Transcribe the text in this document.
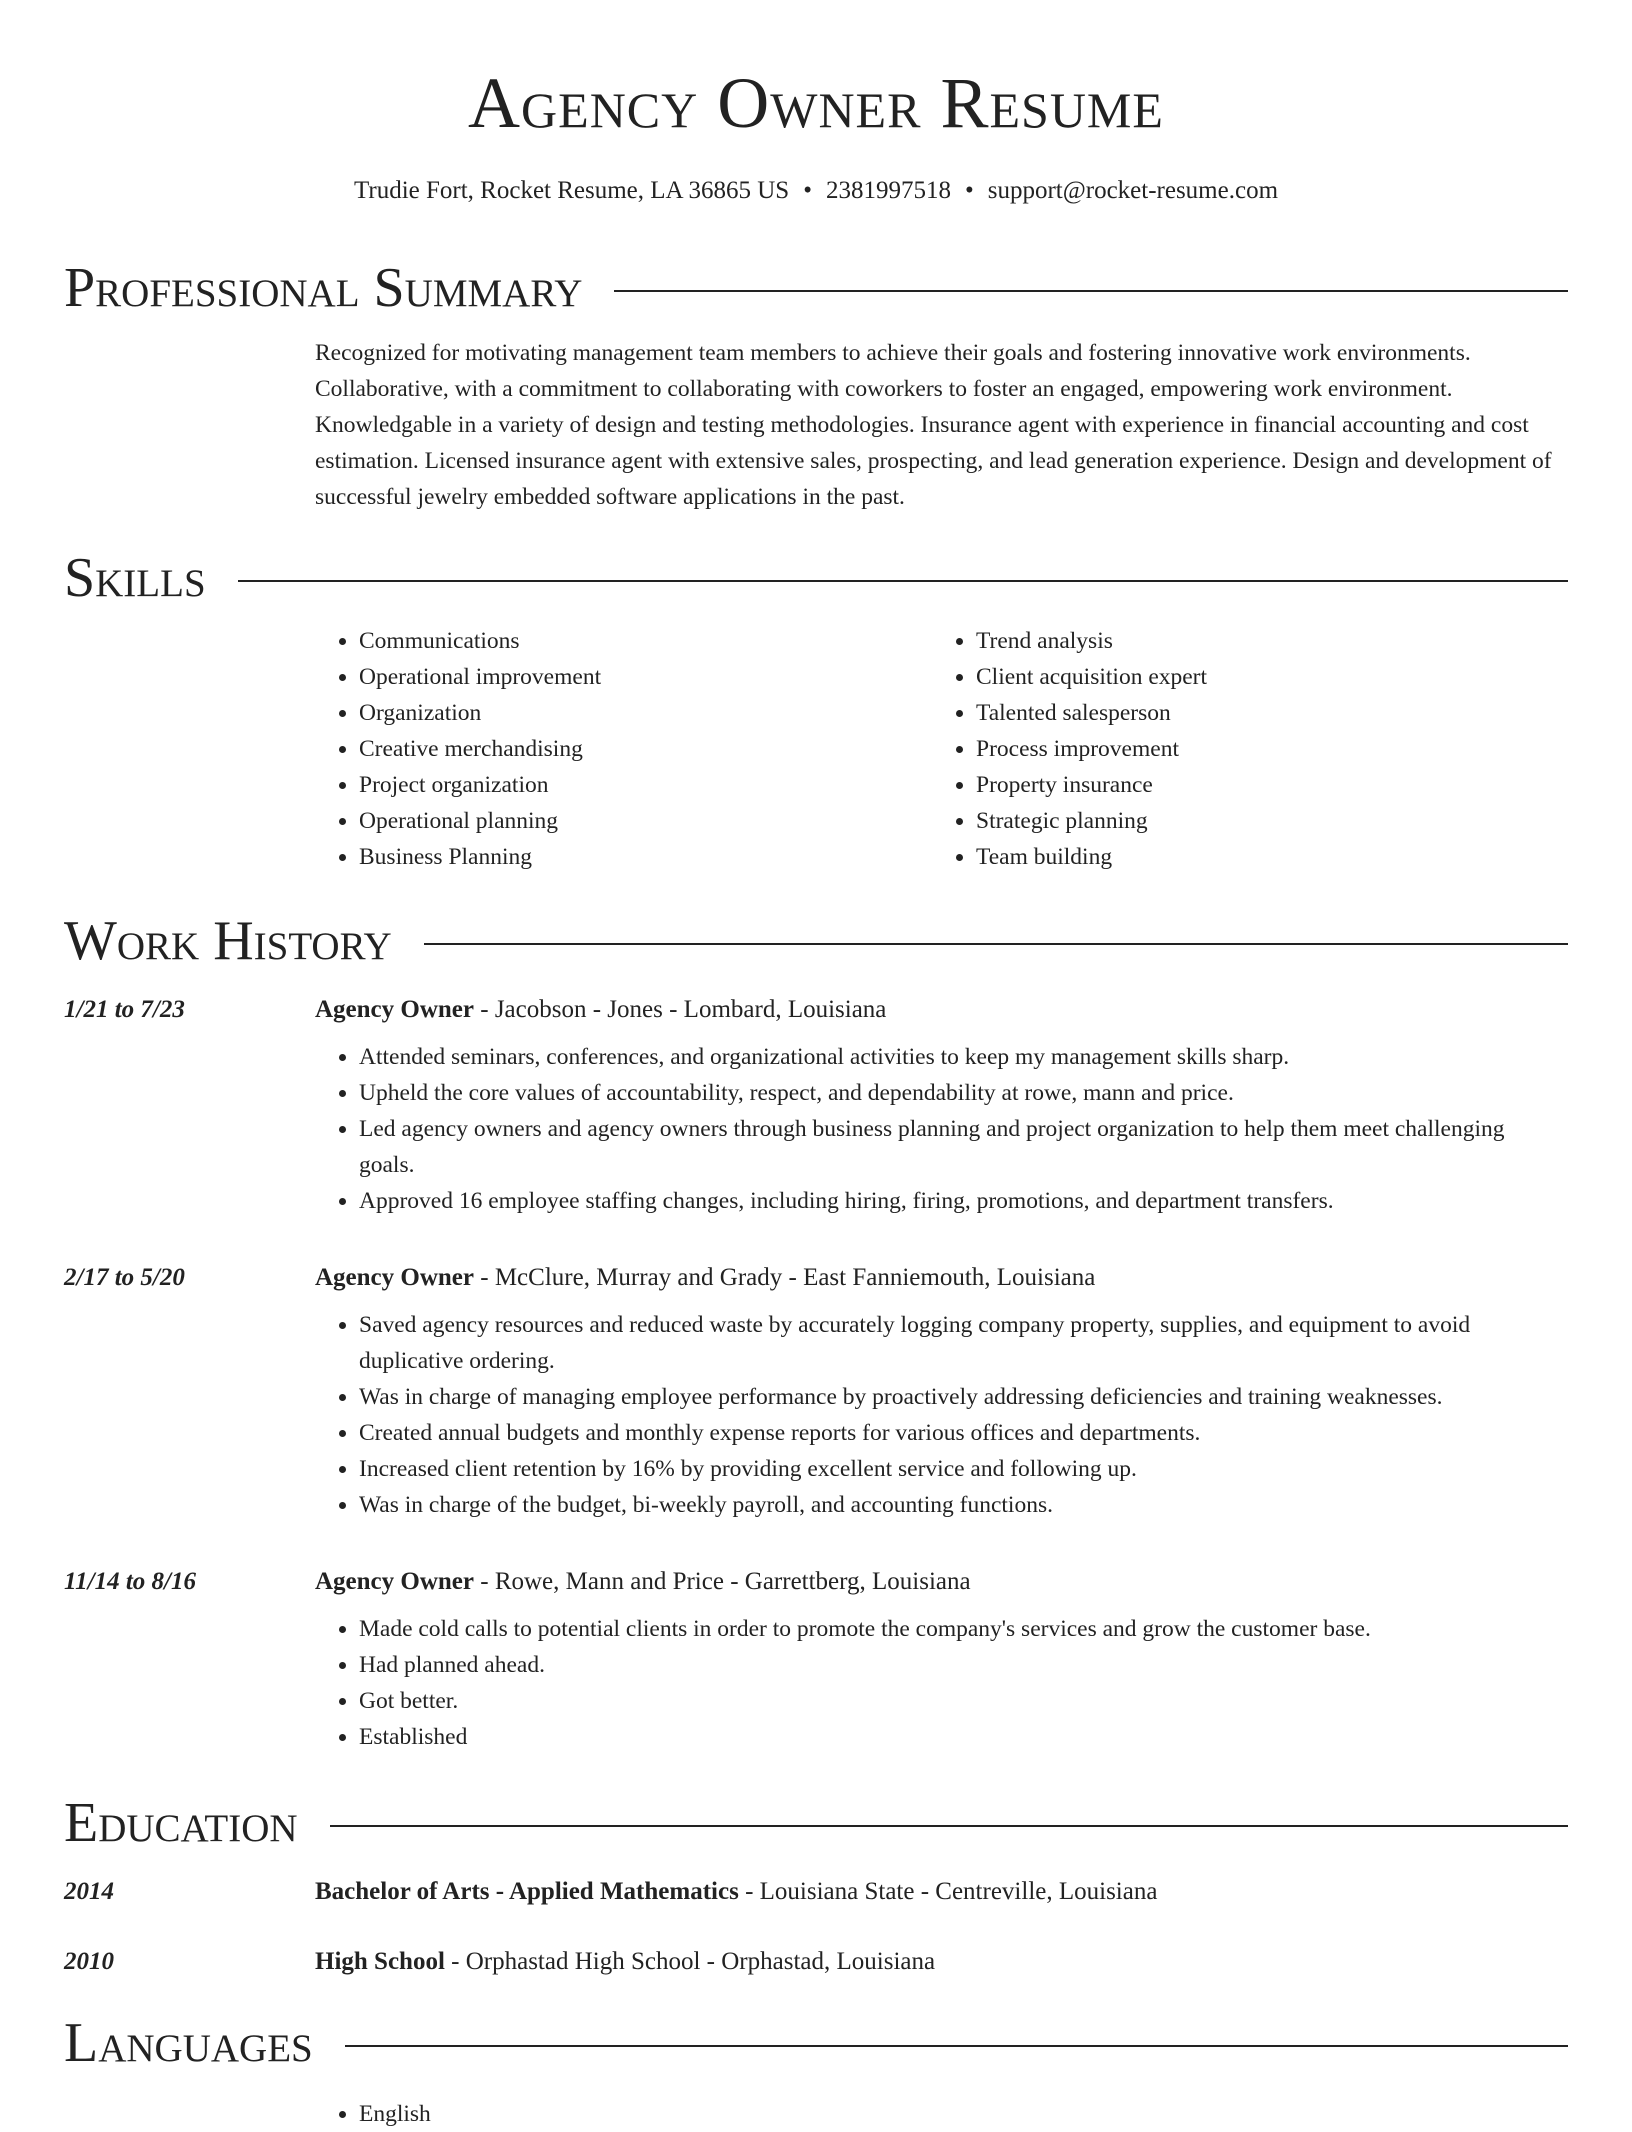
Agency Owner Resume
Trudie Fort, Rocket Resume, LA 36865 US • 2381997518 • support@rocket-resume.com
Professional Summary

Recognized for motivating management team members to achieve their goals and fostering innovative work environments. Collaborative, with a commitment to collaborating with coworkers to foster an engaged, empowering work environment. Knowledgable in a variety of design and testing methodologies. Insurance agent with experience in financial accounting and cost estimation. Licensed insurance agent with extensive sales, prospecting, and lead generation experience. Design and development of successful jewelry embedded software applications in the past.

Skills
• Communications
• Operational improvement
• Organization
• Creative merchandising
• Project organization
• Operational planning
• Business Planning
• Trend analysis
• Client acquisition expert
• Talented salesperson
• Process improvement
• Property insurance
• Strategic planning
• Team building
Work History
1/21 to 7/23	Agency Owner - Jacobson - Jones - Lombard, Louisiana
• Attended seminars, conferences, and organizational activities to keep my management skills sharp.
• Upheld the core values of accountability, respect, and dependability at rowe, mann and price.
• Led agency owners and agency owners through business planning and project organization to help them meet challenging goals.
• Approved 16 employee staffing changes, including hiring, firing, promotions, and department transfers.
2/17 to 5/20	Agency Owner - McClure, Murray and Grady - East Fanniemouth, Louisiana
• Saved agency resources and reduced waste by accurately logging company property, supplies, and equipment to avoid duplicative ordering.
• Was in charge of managing employee performance by proactively addressing deficiencies and training weaknesses.
• Created annual budgets and monthly expense reports for various offices and departments.
• Increased client retention by 16% by providing excellent service and following up.
• Was in charge of the budget, bi-weekly payroll, and accounting functions.
11/14 to 8/16	Agency Owner - Rowe, Mann and Price - Garrettberg, Louisiana
• Made cold calls to potential clients in order to promote the company's services and grow the customer base.
• Had planned ahead.
• Got better.
• Established
Education
2014	Bachelor of Arts - Applied Mathematics - Louisiana State - Centreville, Louisiana
2010	High School - Orphastad High School - Orphastad, Louisiana
Languages
• English
